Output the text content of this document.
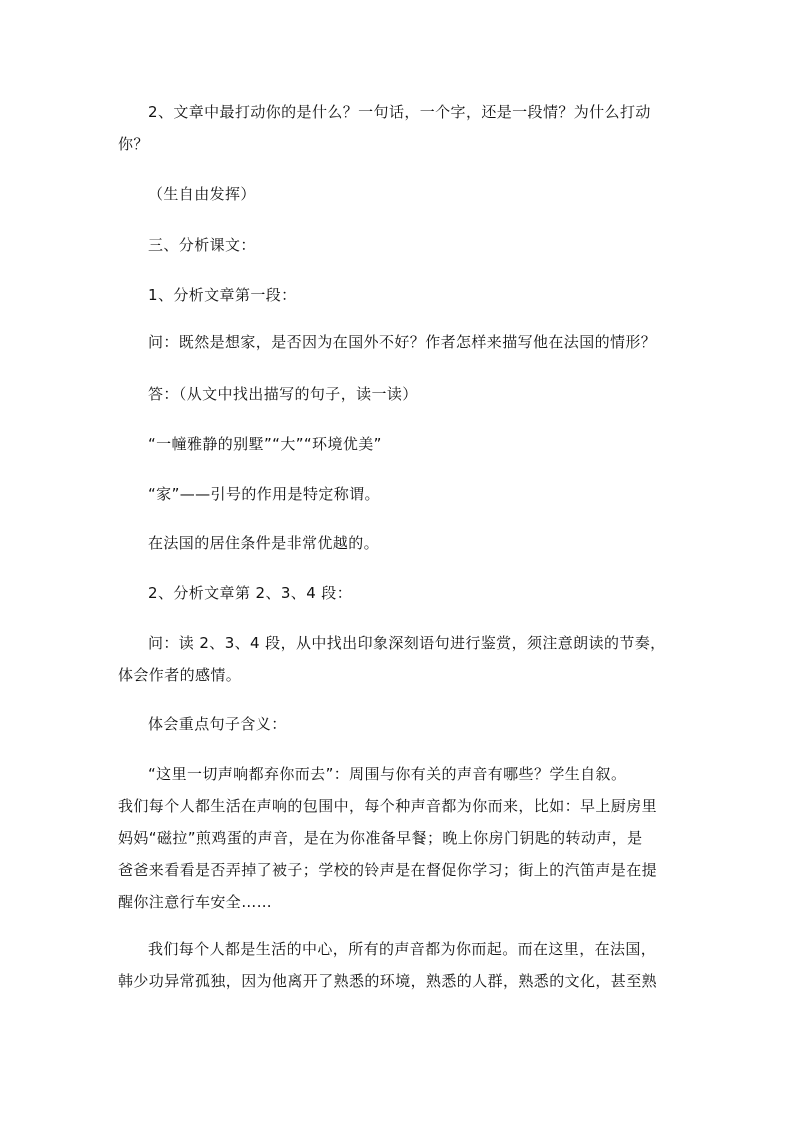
2、文章中最打动你的是什么？一句话，一个字，还是一段情？为什么打动
你？
（生自由发挥）
三、分析课文：
1、分析文章第一段：
问：既然是想家，是否因为在国外不好？作者怎样来描写他在法国的情形？
答：（从文中找出描写的句子，读一读）
“一幢雅静的别墅”“大”“环境优美”
“家”——引号的作用是特定称谓。
在法国的居住条件是非常优越的。
2、分析文章第 2、3、4 段：
问：读 2、3、4 段，从中找出印象深刻语句进行鉴赏，须注意朗读的节奏，
体会作者的感情。
体会重点句子含义：
“这里一切声响都弃你而去”：周围与你有关的声音有哪些？学生自叙。
我们每个人都生活在声响的包围中，每个种声音都为你而来，比如：早上厨房里
妈妈“磁拉”煎鸡蛋的声音，是在为你准备早餐；晚上你房门钥匙的转动声，是
爸爸来看看是否弄掉了被子；学校的铃声是在督促你学习；街上的汽笛声是在提
醒你注意行车安全……
我们每个人都是生活的中心，所有的声音都为你而起。而在这里，在法国，
韩少功异常孤独，因为他离开了熟悉的环境，熟悉的人群，熟悉的文化，甚至熟
